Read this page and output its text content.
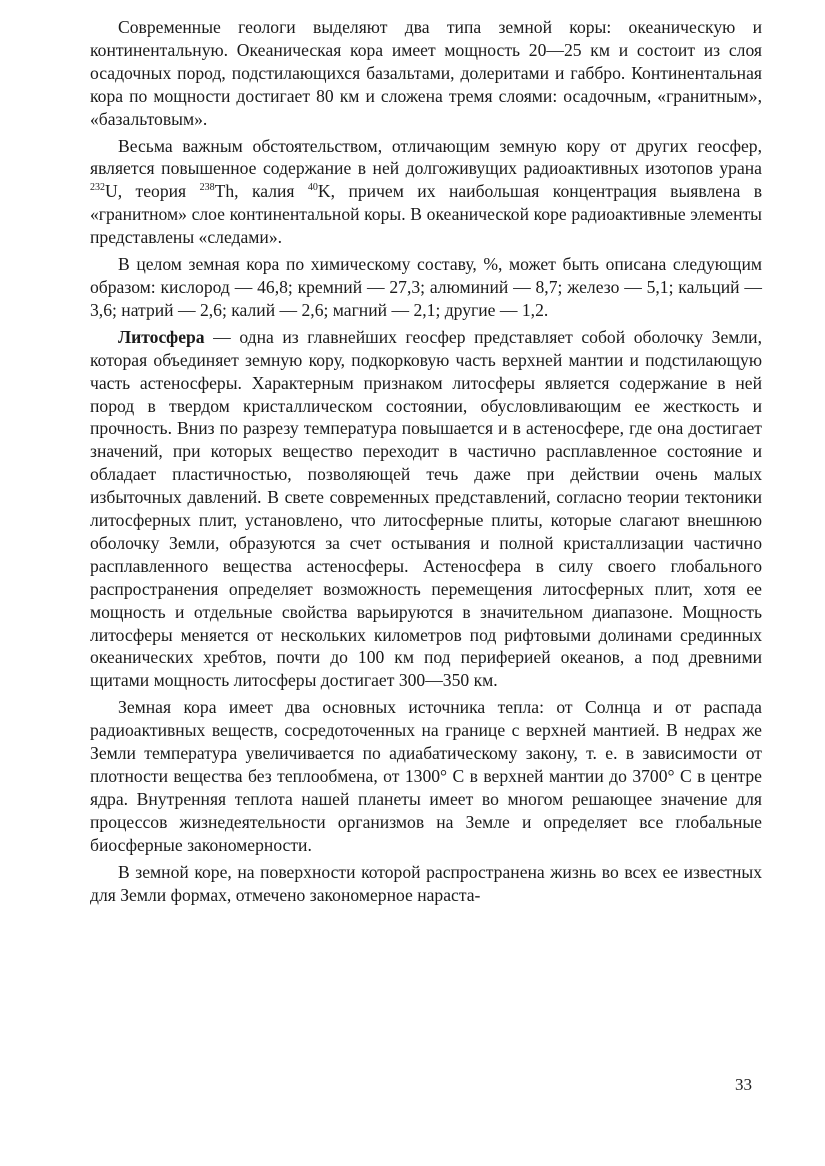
Современные геологи выделяют два типа земной коры: океаническую и континентальную. Океаническая кора имеет мощность 20—25 км и состоит из слоя осадочных пород, подстилающихся базальтами, долеритами и габбро. Континентальная кора по мощности достигает 80 км и сложена тремя слоями: осадочным, «гранитным», «базальтовым».

Весьма важным обстоятельством, отличающим земную кору от других геосфер, является повышенное содержание в ней долгоживущих радиоактивных изотопов урана $^{232}$U, теория $^{238}$Th, калия $^{40}$K, причем их наибольшая концентрация выявлена в «гранитном» слое континентальной коры. В океанической коре радиоактивные элементы представлены «следами».

В целом земная кора по химическому составу, %, может быть описана следующим образом: кислород — 46,8; кремний — 27,3; алюминий — 8,7; железо — 5,1; кальций — 3,6; натрий — 2,6; калий — 2,6; магний — 2,1; другие — 1,2.

Литосфера — одна из главнейших геосфер представляет собой оболочку Земли, которая объединяет земную кору, подкорковую часть верхней мантии и подстилающую часть астеносферы. Характерным признаком литосферы является содержание в ней пород в твердом кристаллическом состоянии, обусловливающим ее жесткость и прочность. Вниз по разрезу температура повышается и в астеносфере, где она достигает значений, при которых вещество переходит в частично расплавленное состояние и обладает пластичностью, позволяющей течь даже при действии очень малых избыточных давлений. В свете современных представлений, согласно теории тектоники литосферных плит, установлено, что литосферные плиты, которые слагают внешнюю оболочку Земли, образуются за счет остывания и полной кристаллизации частично расплавленного вещества астеносферы. Астеносфера в силу своего глобального распространения определяет возможность перемещения литосферных плит, хотя ее мощность и отдельные свойства варьируются в значительном диапазоне. Мощность литосферы меняется от нескольких километров под рифтовыми долинами срединных океанических хребтов, почти до 100 км под периферией океанов, а под древними щитами мощность литосферы достигает 300—350 км.

Земная кора имеет два основных источника тепла: от Солнца и от распада радиоактивных веществ, сосредоточенных на границе с верхней мантией. В недрах же Земли температура увеличивается по адиабатическому закону, т. е. в зависимости от плотности вещества без теплообмена, от 1300° С в верхней мантии до 3700° С в центре ядра. Внутренняя теплота нашей планеты имеет во многом решающее значение для процессов жизнедеятельности организмов на Земле и определяет все глобальные биосферные закономерности.

В земной коре, на поверхности которой распространена жизнь во всех ее известных для Земли формах, отмечено закономерное нараста-

33
